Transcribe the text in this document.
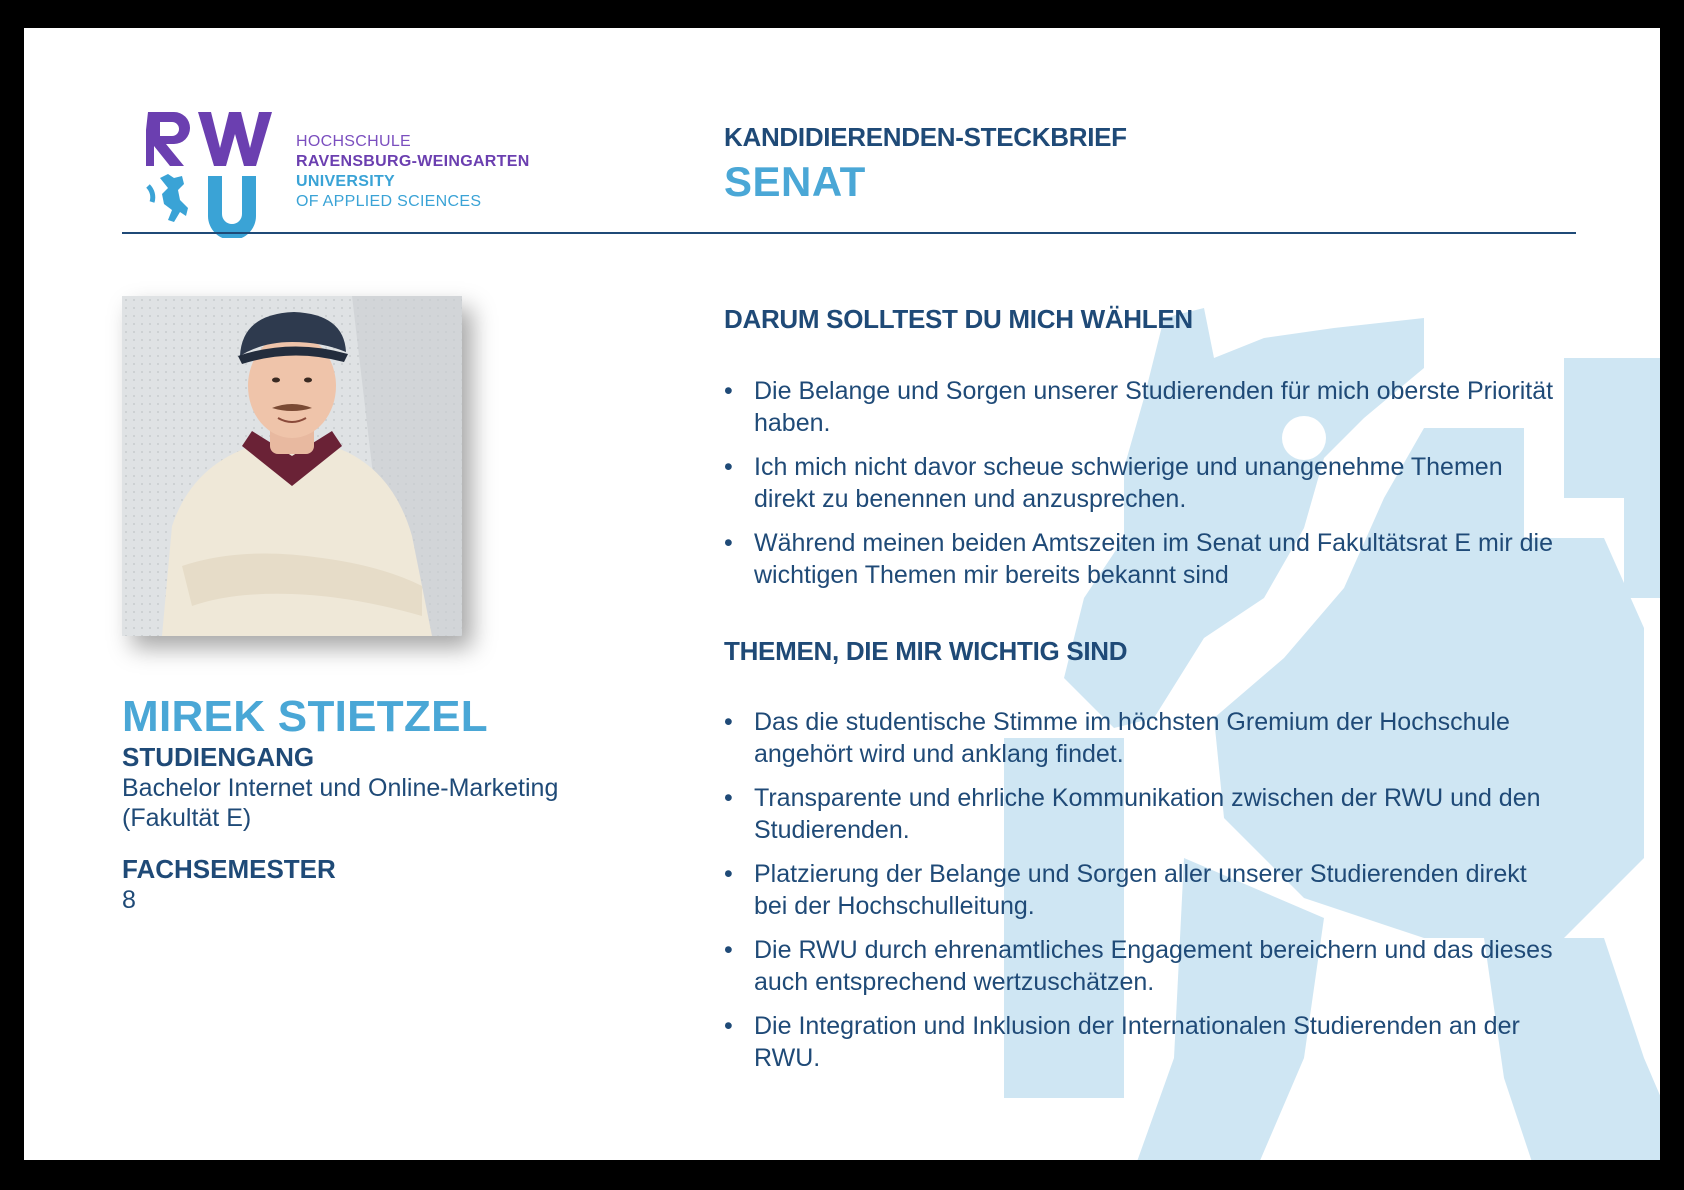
HOCHSCHULE
RAVENSBURG-WEINGARTEN
UNIVERSITY
OF APPLIED SCIENCES
KANDIDIERENDEN-STECKBRIEF
SENAT
MIREK STIETZEL
STUDIENGANG
Bachelor Internet und Online-Marketing
(Fakultät E)
FACHSEMESTER
8
DARUM SOLLTEST DU MICH WÄHLEN
• Die Belange und Sorgen unserer Studierenden für mich oberste Priorität haben.
• Ich mich nicht davor scheue schwierige und unangenehme Themen direkt zu benennen und anzusprechen.
• Während meinen beiden Amtszeiten im Senat und Fakultätsrat E mir die wichtigen Themen mir bereits bekannt sind
THEMEN, DIE MIR WICHTIG SIND
• Das die studentische Stimme im höchsten Gremium der Hochschule angehört wird und anklang findet.
• Transparente und ehrliche Kommunikation zwischen der RWU und den Studierenden.
• Platzierung der Belange und Sorgen aller unserer Studierenden direkt bei der Hochschulleitung.
• Die RWU durch ehrenamtliches Engagement bereichern und das dieses auch entsprechend wertzuschätzen.
• Die Integration und Inklusion der Internationalen Studierenden an der RWU.
